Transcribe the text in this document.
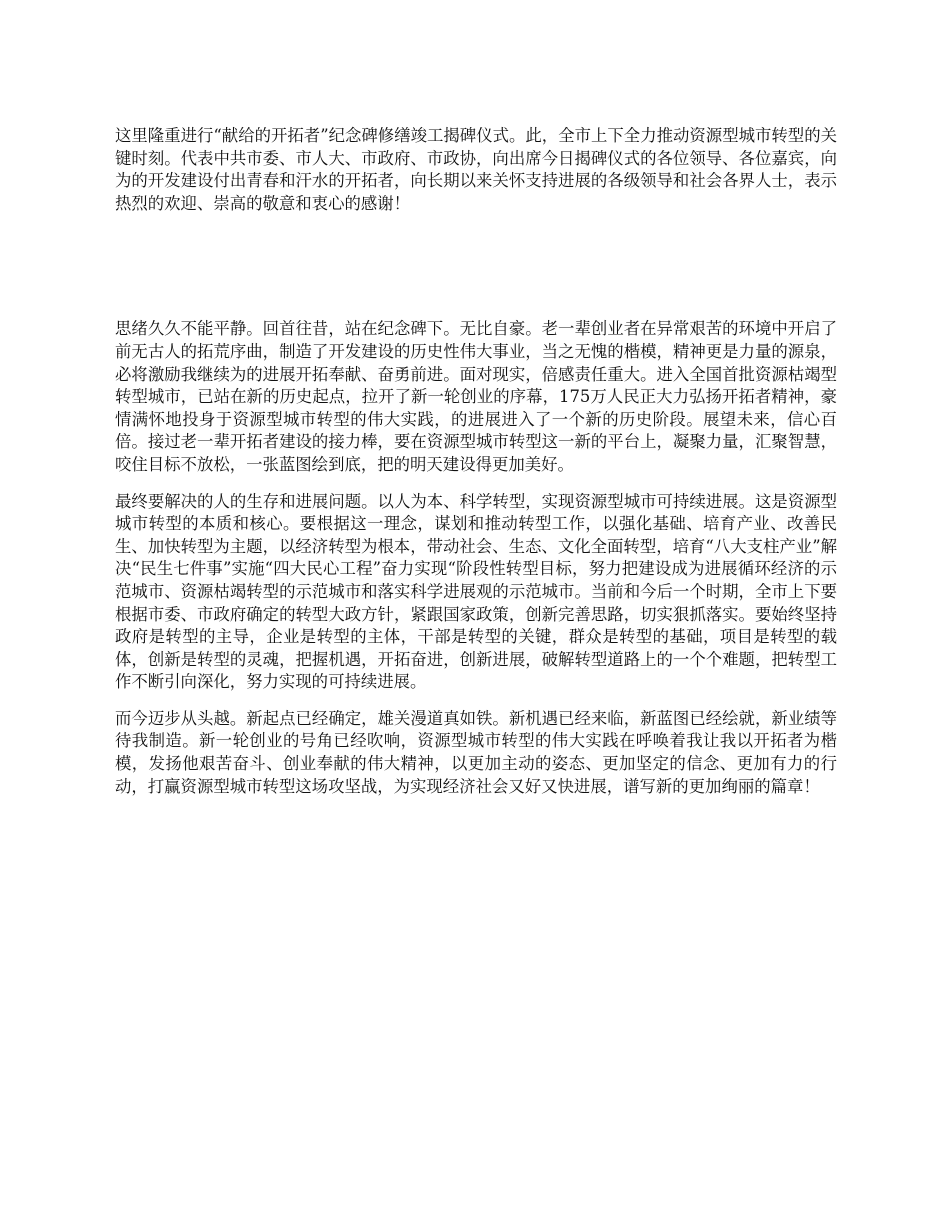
这里隆重进行“献给的开拓者”纪念碑修缮竣工揭碑仪式。此，全市上下全力推动资源型城市转型的关键时刻。代表中共市委、市人大、市政府、市政协，向出席今日揭碑仪式的各位领导、各位嘉宾，向为的开发建设付出青春和汗水的开拓者，向长期以来关怀支持进展的各级领导和社会各界人士，表示热烈的欢迎、崇高的敬意和衷心的感谢！

思绪久久不能平静。回首往昔，站在纪念碑下。无比自豪。老一辈创业者在异常艰苦的环境中开启了前无古人的拓荒序曲，制造了开发建设的历史性伟大事业，当之无愧的楷模，精神更是力量的源泉，必将激励我继续为的进展开拓奉献、奋勇前进。面对现实，倍感责任重大。进入全国首批资源枯竭型转型城市，已站在新的历史起点，拉开了新一轮创业的序幕，175万人民正大力弘扬开拓者精神，豪情满怀地投身于资源型城市转型的伟大实践，的进展进入了一个新的历史阶段。展望未来，信心百倍。接过老一辈开拓者建设的接力棒，要在资源型城市转型这一新的平台上，凝聚力量，汇聚智慧，咬住目标不放松，一张蓝图绘到底，把的明天建设得更加美好。

最终要解决的人的生存和进展问题。以人为本、科学转型，实现资源型城市可持续进展。这是资源型城市转型的本质和核心。要根据这一理念，谋划和推动转型工作，以强化基础、培育产业、改善民生、加快转型为主题，以经济转型为根本，带动社会、生态、文化全面转型，培育“八大支柱产业”解决“民生七件事”实施“四大民心工程”奋力实现“阶段性转型目标，努力把建设成为进展循环经济的示范城市、资源枯竭转型的示范城市和落实科学进展观的示范城市。当前和今后一个时期，全市上下要根据市委、市政府确定的转型大政方针，紧跟国家政策，创新完善思路，切实狠抓落实。要始终坚持政府是转型的主导，企业是转型的主体，干部是转型的关键，群众是转型的基础，项目是转型的载体，创新是转型的灵魂，把握机遇，开拓奋进，创新进展，破解转型道路上的一个个难题，把转型工作不断引向深化，努力实现的可持续进展。

而今迈步从头越。新起点已经确定，雄关漫道真如铁。新机遇已经来临，新蓝图已经绘就，新业绩等待我制造。新一轮创业的号角已经吹响，资源型城市转型的伟大实践在呼唤着我让我以开拓者为楷模，发扬他艰苦奋斗、创业奉献的伟大精神，以更加主动的姿态、更加坚定的信念、更加有力的行动，打赢资源型城市转型这场攻坚战，为实现经济社会又好又快进展，谱写新的更加绚丽的篇章！
